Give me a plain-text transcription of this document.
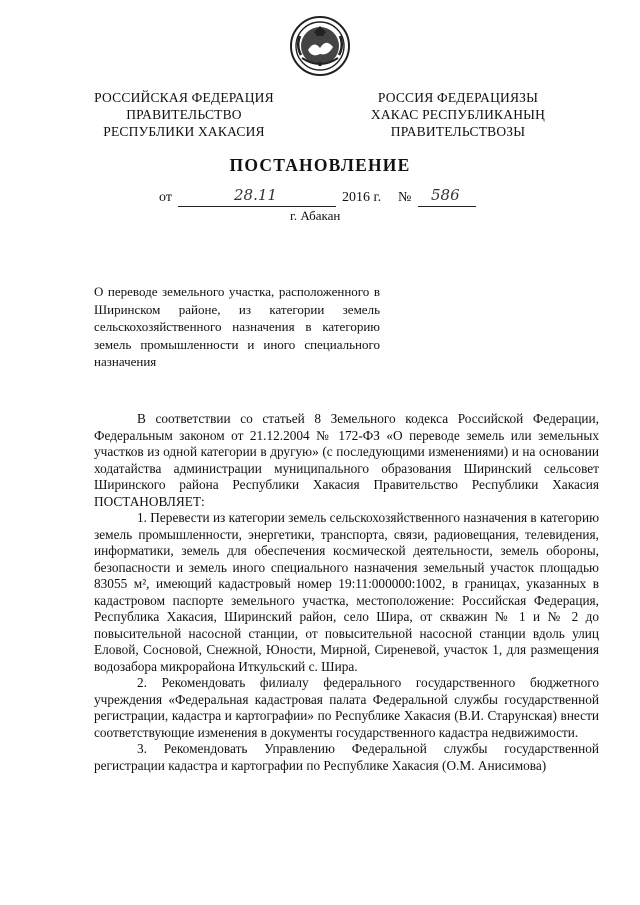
РОССИЙСКАЯ ФЕДЕРАЦИЯ
ПРАВИТЕЛЬСТВО
РЕСПУБЛИКИ ХАКАСИЯ
РОССИЯ ФЕДЕРАЦИЯЗЫ
ХАКАС РЕСПУБЛИКАНЫҢ
ПРАВИТЕЛЬСТВОЗЫ
ПОСТАНОВЛЕНИЕ
от	28.11	2016 г. № 586
г. Абакан
О переводе земельного участка, расположенного в Ширинском районе, из категории земель сельскохозяйственного назначения в категорию земель промышленности и иного специального назначения

В соответствии со статьей 8 Земельного кодекса Российской Федерации, Федеральным законом от 21.12.2004 № 172-ФЗ «О переводе земель или земельных участков из одной категории в другую» (с последующими изменениями) и на основании ходатайства администрации муниципального образования Ширинский сельсовет Ширинского района Республики Хакасия Правительство Республики Хакасия ПОСТАНОВЛЯЕТ:

1. Перевести из категории земель сельскохозяйственного назначения в категорию земель промышленности, энергетики, транспорта, связи, радиовещания, телевидения, информатики, земель для обеспечения космической деятельности, земель обороны, безопасности и земель иного специального назначения земельный участок площадью 83055 м², имеющий кадастровый номер 19:11:000000:1002, в границах, указанных в кадастровом паспорте земельного участка, местоположение: Российская Федерация, Республика Хакасия, Ширинский район, село Шира, от скважин № 1 и № 2 до повысительной насосной станции, от повысительной насосной станции вдоль улиц Еловой, Сосновой, Снежной, Юности, Мирной, Сиреневой, участок 1, для размещения водозабора микрорайона Иткульский с. Шира.

2. Рекомендовать филиалу федерального государственного бюджетного учреждения «Федеральная кадастровая палата Федеральной службы государственной регистрации, кадастра и картографии» по Республике Хакасия (В.И. Старунская) внести соответствующие изменения в документы государственного кадастра недвижимости.

3. Рекомендовать Управлению Федеральной службы государственной регистрации кадастра и картографии по Республике Хакасия (О.М. Анисимова)
